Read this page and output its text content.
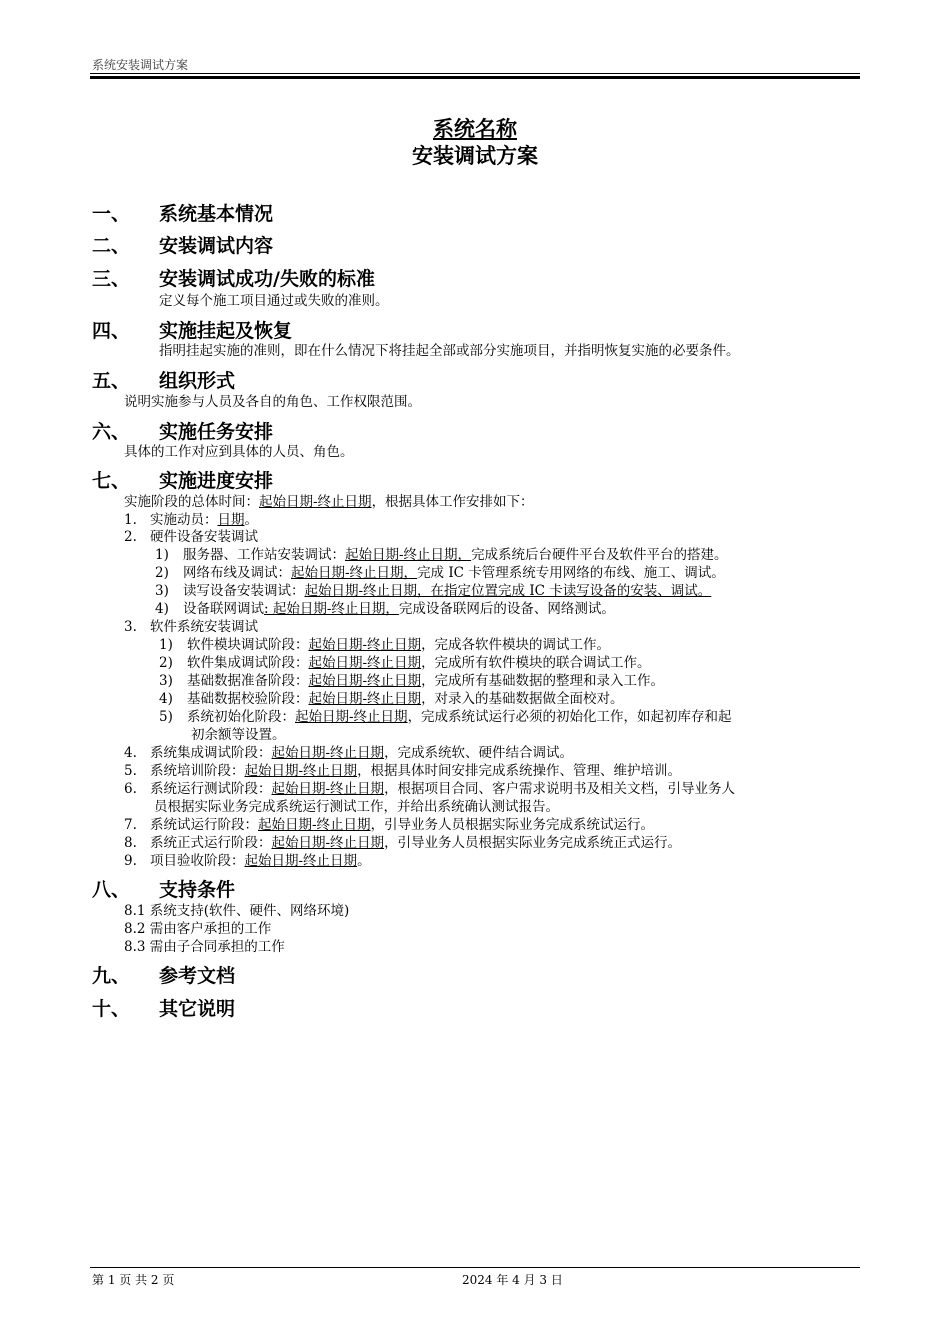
系统安装调试方案
系统名称
安装调试方案
一、 系统基本情况
二、 安装调试内容
三、 安装调试成功/失败的标准
定义每个施工项目通过或失败的准则。
四、 实施挂起及恢复
指明挂起实施的准则，即在什么情况下将挂起全部或部分实施项目，并指明恢复实施的必要条件。
五、 组织形式
说明实施参与人员及各自的角色、工作权限范围。
六、 实施任务安排
具体的工作对应到具体的人员、角色。
七、 实施进度安排
实施阶段的总体时间：起始日期-终止日期，根据具体工作安排如下：
1. 实施动员：日期。
2. 硬件设备安装调试
1) 服务器、工作站安装调试：起始日期-终止日期，完成系统后台硬件平台及软件平台的搭建。
2) 网络布线及调试：起始日期-终止日期，完成 IC 卡管理系统专用网络的布线、施工、调试。
3) 读写设备安装调试：起始日期-终止日期，在指定位置完成 IC 卡读写设备的安装、调试。
4) 设备联网调试: 起始日期-终止日期，完成设备联网后的设备、网络测试。
3. 软件系统安装调试
1) 软件模块调试阶段：起始日期-终止日期，完成各软件模块的调试工作。
2) 软件集成调试阶段：起始日期-终止日期，完成所有软件模块的联合调试工作。
3) 基础数据准备阶段：起始日期-终止日期，完成所有基础数据的整理和录入工作。
4) 基础数据校验阶段：起始日期-终止日期，对录入的基础数据做全面校对。
5) 系统初始化阶段：起始日期-终止日期，完成系统试运行必须的初始化工作，如起初库存和起
初余额等设置。
4. 系统集成调试阶段：起始日期-终止日期，完成系统软、硬件结合调试。
5. 系统培训阶段：起始日期-终止日期，根据具体时间安排完成系统操作、管理、维护培训。
6. 系统运行测试阶段：起始日期-终止日期，根据项目合同、客户需求说明书及相关文档，引导业务人
员根据实际业务完成系统运行测试工作，并给出系统确认测试报告。
7. 系统试运行阶段：起始日期-终止日期，引导业务人员根据实际业务完成系统试运行。
8. 系统正式运行阶段：起始日期-终止日期，引导业务人员根据实际业务完成系统正式运行。
9. 项目验收阶段：起始日期-终止日期。
八、 支持条件
8.1 系统支持(软件、硬件、网络环境)
8.2 需由客户承担的工作
8.3 需由子合同承担的工作
九、 参考文档
十、 其它说明
第 1 页 共 2 页	2024 年 4 月 3 日
